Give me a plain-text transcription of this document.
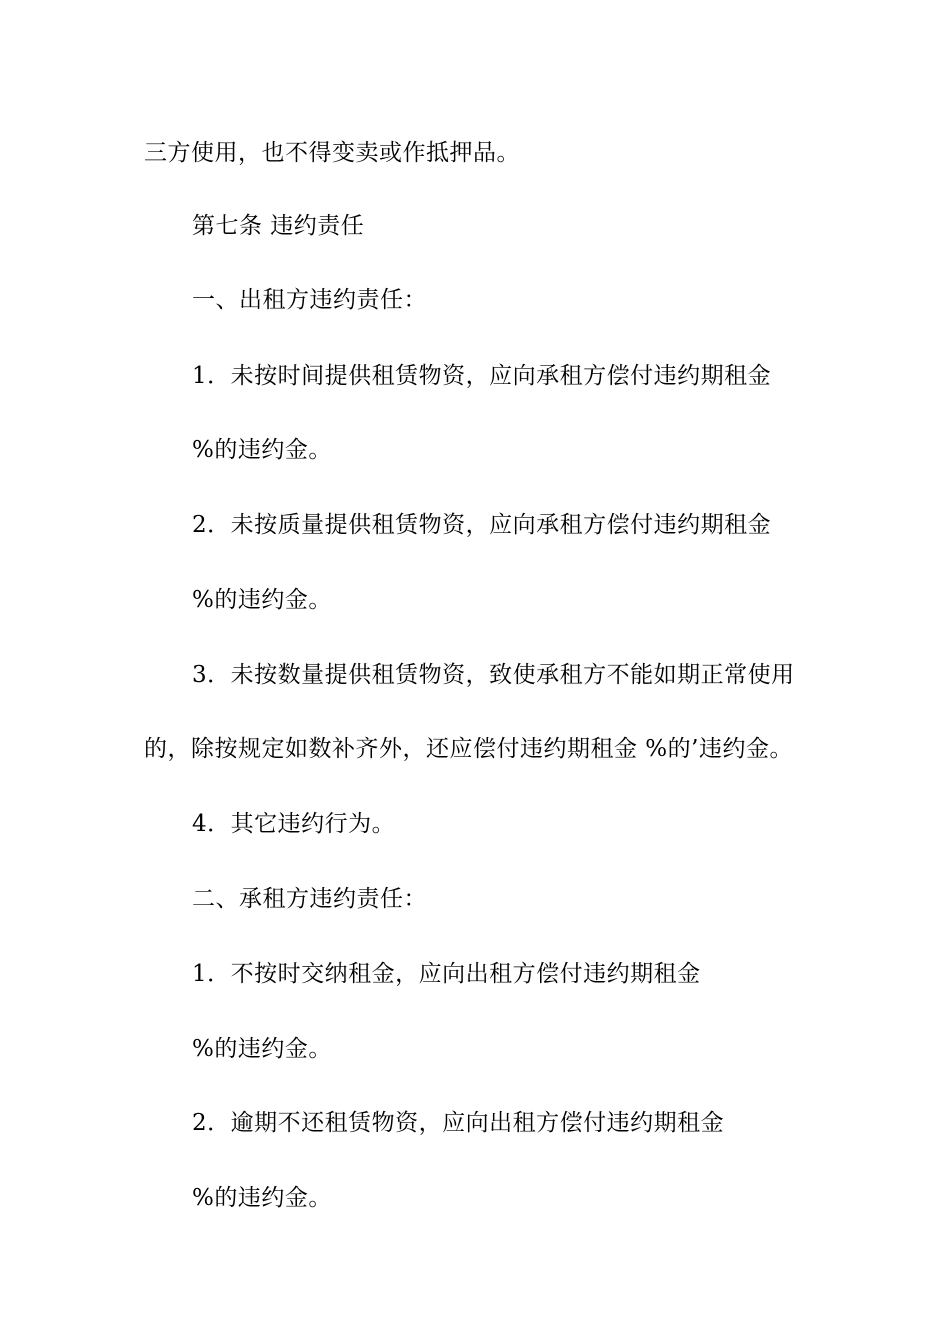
三方使用，也不得变卖或作抵押品。
第七条 违约责任
一、出租方违约责任：
1．未按时间提供租赁物资，应向承租方偿付违约期租金
%的违约金。
2．未按质量提供租赁物资，应向承租方偿付违约期租金
%的违约金。
3．未按数量提供租赁物资，致使承租方不能如期正常使用
的，除按规定如数补齐外，还应偿付违约期租金 %的’违约金。
4．其它违约行为。
二、承租方违约责任：
1．不按时交纳租金，应向出租方偿付违约期租金
%的违约金。
2．逾期不还租赁物资，应向出租方偿付违约期租金
%的违约金。
